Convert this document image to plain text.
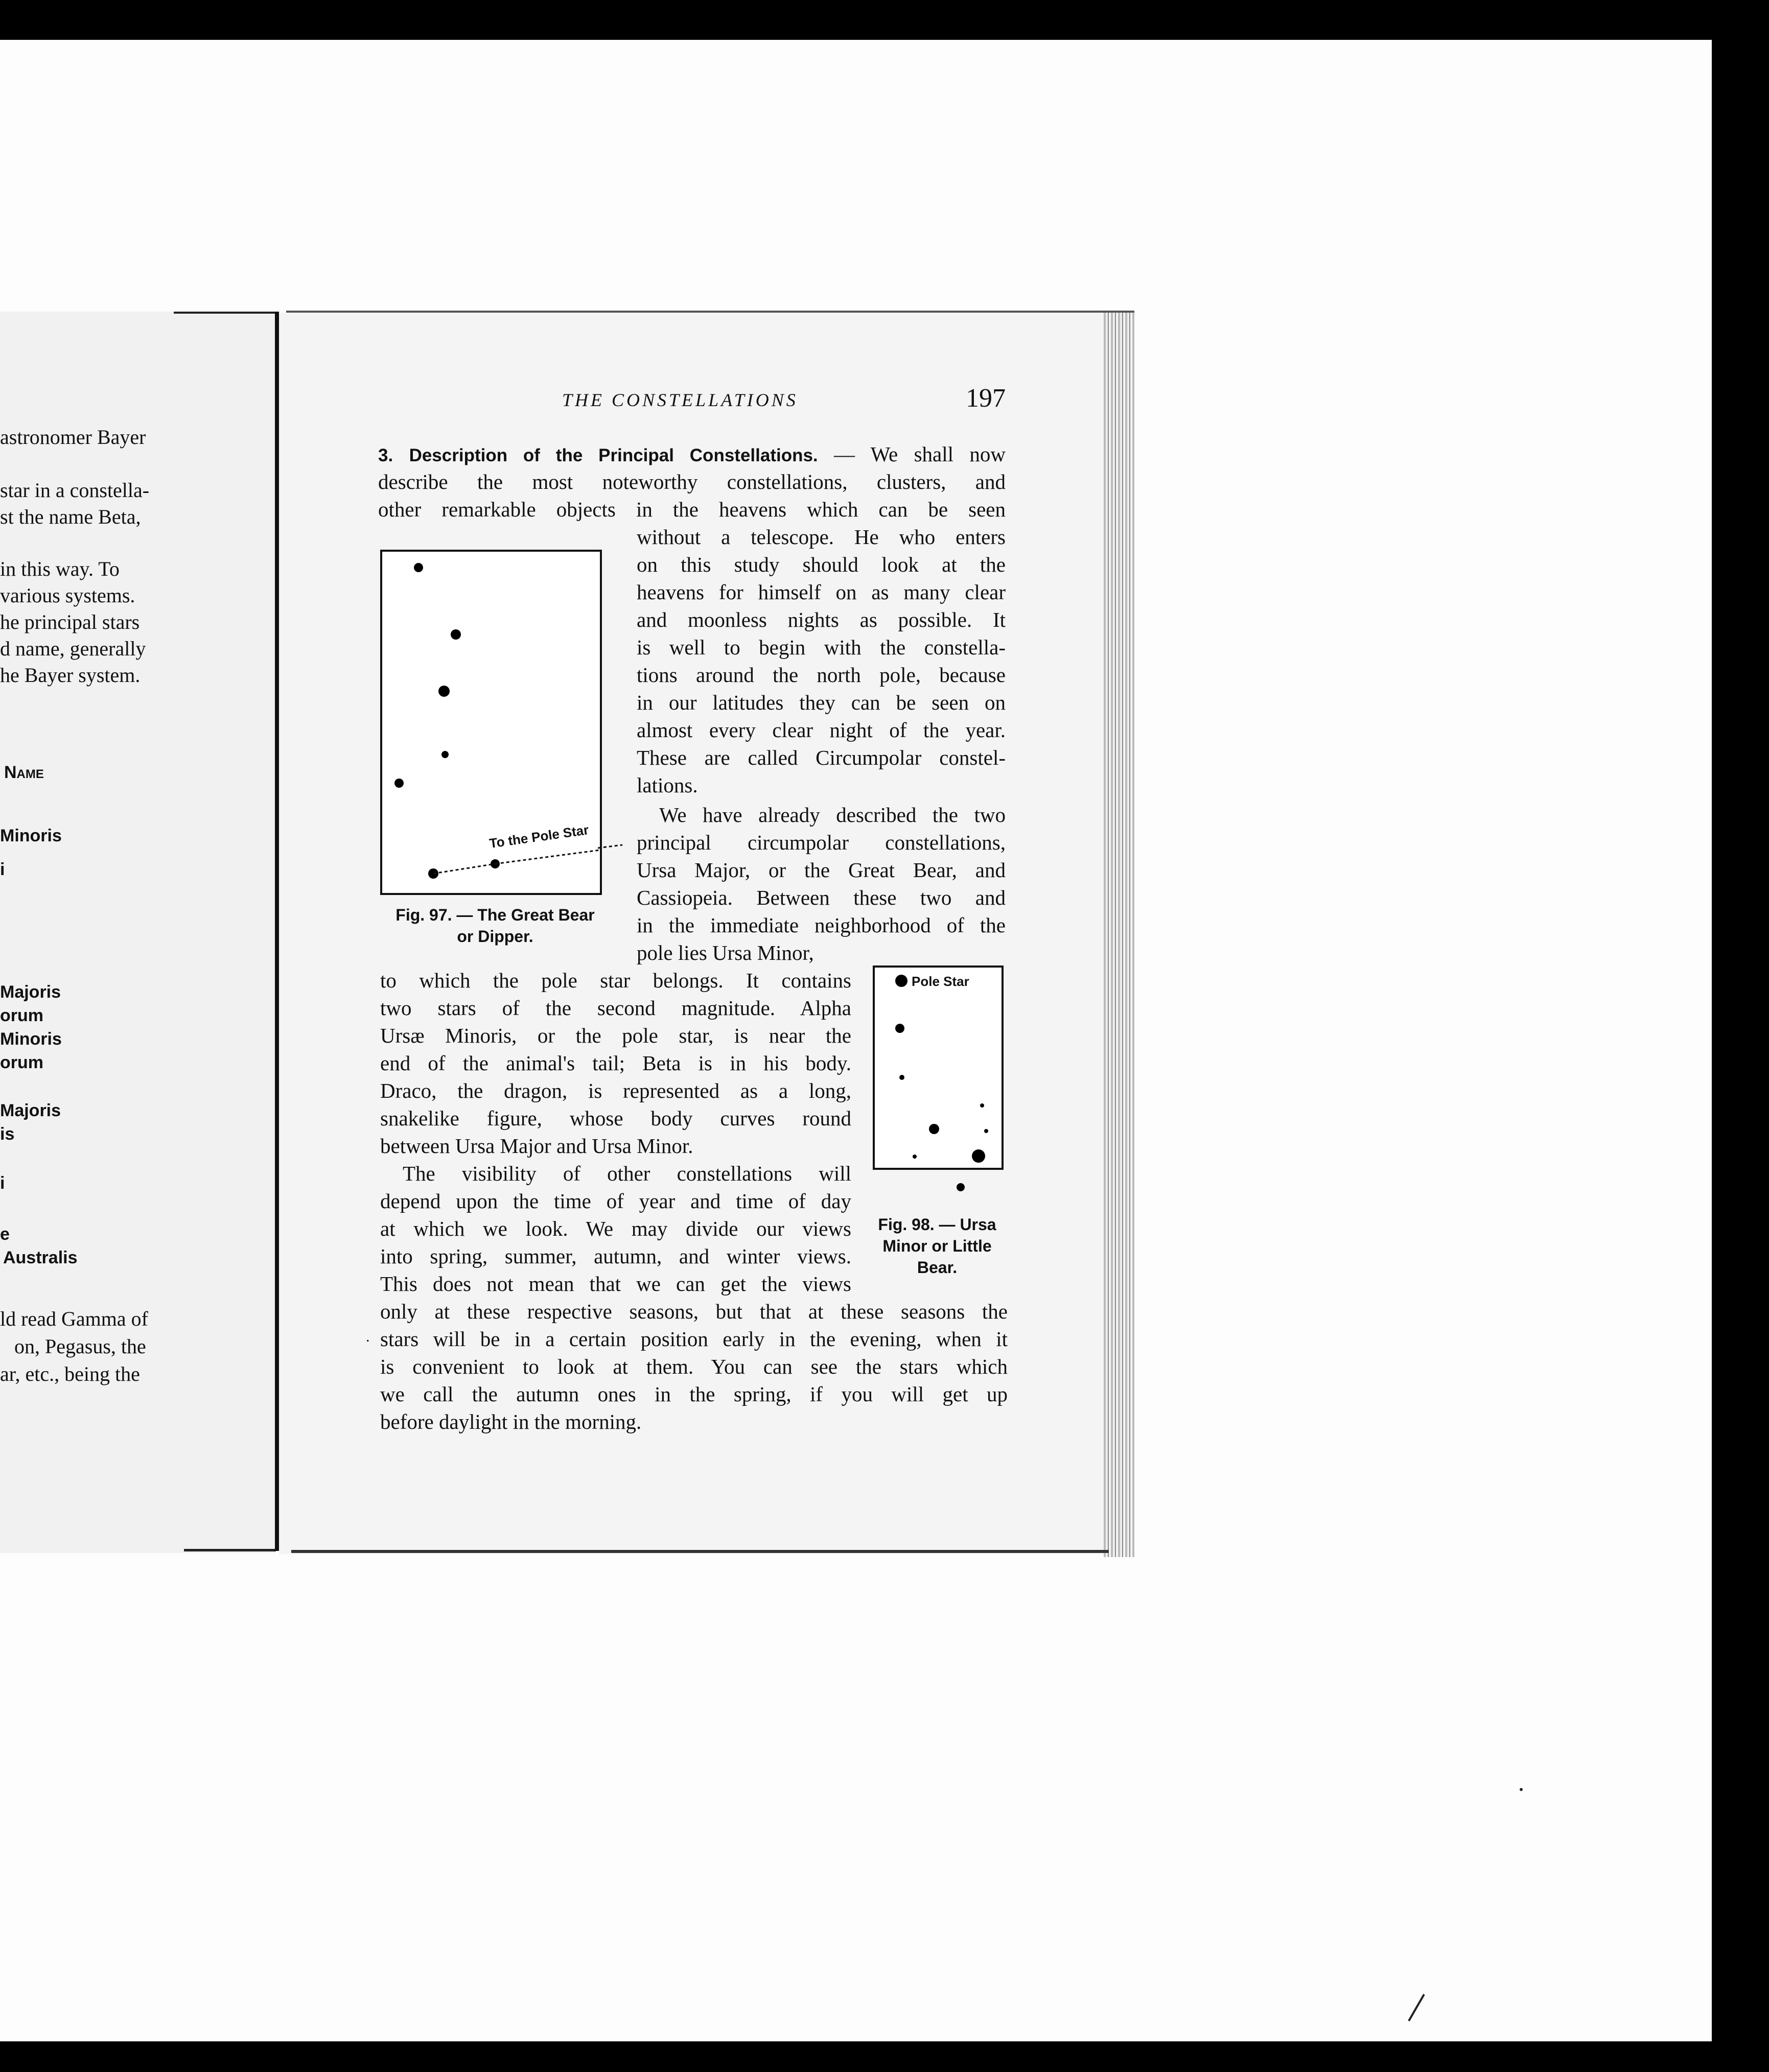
astronomer Bayer
star in a constella-
st the name Beta,
in this way. To
various systems.
he principal stars
d name, generally
he Bayer system.
Name
Minoris
i
Majoris
orum
Minoris
orum
Majoris
is
i
e
Australis
ld read Gamma of
on, Pegasus, the
ar, etc., being the
THE CONSTELLATIONS	197
3. Description of the Principal Constellations. — We shall now
describe the most noteworthy constellations, clusters, and
other remarkable objects in the heavens which can be seen
without a telescope. He who enters
on this study should look at the
heavens for himself on as many clear
and moonless nights as possible. It
is well to begin with the constella-
tions around the north pole, because
in our latitudes they can be seen on
almost every clear night of the year.
These are called Circumpolar constel-
lations.
We have already described the two
principal circumpolar constellations,
Ursa Major, or the Great Bear, and
Cassiopeia. Between these two and
in the immediate neighborhood of the
pole lies Ursa Minor,
to which the pole star belongs. It contains
two stars of the second magnitude. Alpha
Ursæ Minoris, or the pole star, is near the
end of the animal's tail; Beta is in his body.
Draco, the dragon, is represented as a long,
snakelike figure, whose body curves round
between Ursa Major and Ursa Minor.
The visibility of other constellations will
depend upon the time of year and time of day
at which we look. We may divide our views
into spring, summer, autumn, and winter views.
This does not mean that we can get the views
only at these respective seasons, but that at these seasons the
stars will be in a certain position early in the evening, when it
is convenient to look at them. You can see the stars which
we call the autumn ones in the spring, if you will get up
before daylight in the morning.
.
To the Pole Star
Fig. 97. — The Great Bear
or Dipper.
Pole Star
Fig. 98. — Ursa
Minor or Little
Bear.
